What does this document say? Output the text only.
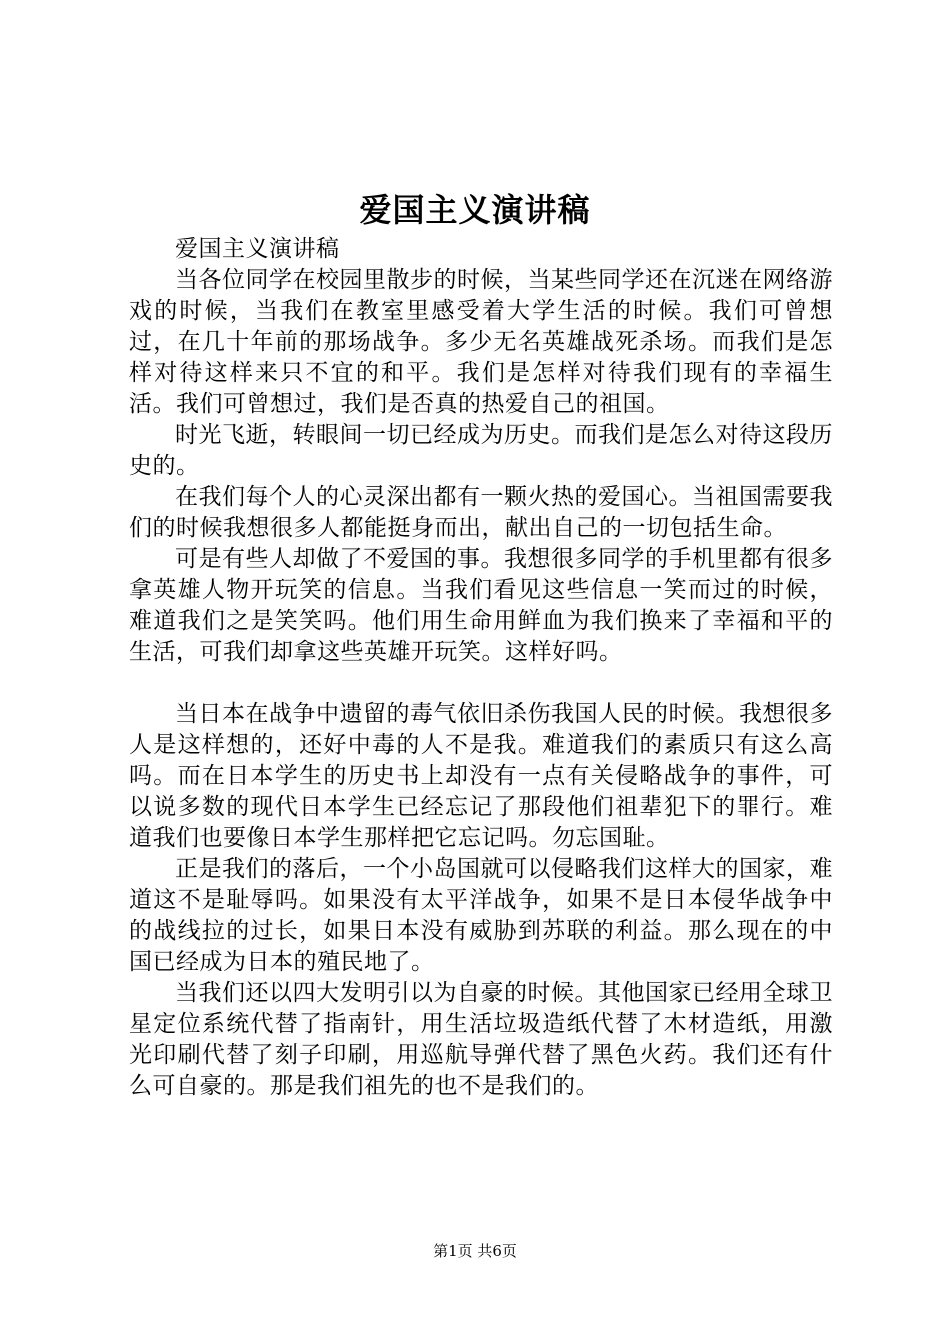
爱国主义演讲稿

爱国主义演讲稿

当各位同学在校园里散步的时候，当某些同学还在沉迷在网络游戏的时候，当我们在教室里感受着大学生活的时候。我们可曾想过，在几十年前的那场战争。多少无名英雄战死杀场。而我们是怎样对待这样来只不宜的和平。我们是怎样对待我们现有的幸福生活。我们可曾想过，我们是否真的热爱自己的祖国。

时光飞逝，转眼间一切已经成为历史。而我们是怎么对待这段历史的。

在我们每个人的心灵深出都有一颗火热的爱国心。当祖国需要我们的时候我想很多人都能挺身而出，献出自己的一切包括生命。

可是有些人却做了不爱国的事。我想很多同学的手机里都有很多拿英雄人物开玩笑的信息。当我们看见这些信息一笑而过的时候，难道我们之是笑笑吗。他们用生命用鲜血为我们换来了幸福和平的生活，可我们却拿这些英雄开玩笑。这样好吗。

当日本在战争中遗留的毒气依旧杀伤我国人民的时候。我想很多人是这样想的，还好中毒的人不是我。难道我们的素质只有这么高吗。而在日本学生的历史书上却没有一点有关侵略战争的事件，可以说多数的现代日本学生已经忘记了那段他们祖辈犯下的罪行。难道我们也要像日本学生那样把它忘记吗。勿忘国耻。

正是我们的落后，一个小岛国就可以侵略我们这样大的国家，难道这不是耻辱吗。如果没有太平洋战争，如果不是日本侵华战争中的战线拉的过长，如果日本没有威胁到苏联的利益。那么现在的中国已经成为日本的殖民地了。

当我们还以四大发明引以为自豪的时候。其他国家已经用全球卫星定位系统代替了指南针，用生活垃圾造纸代替了木材造纸，用激光印刷代替了刻子印刷，用巡航导弹代替了黑色火药。我们还有什么可自豪的。那是我们祖先的也不是我们的。

第1页 共6页
